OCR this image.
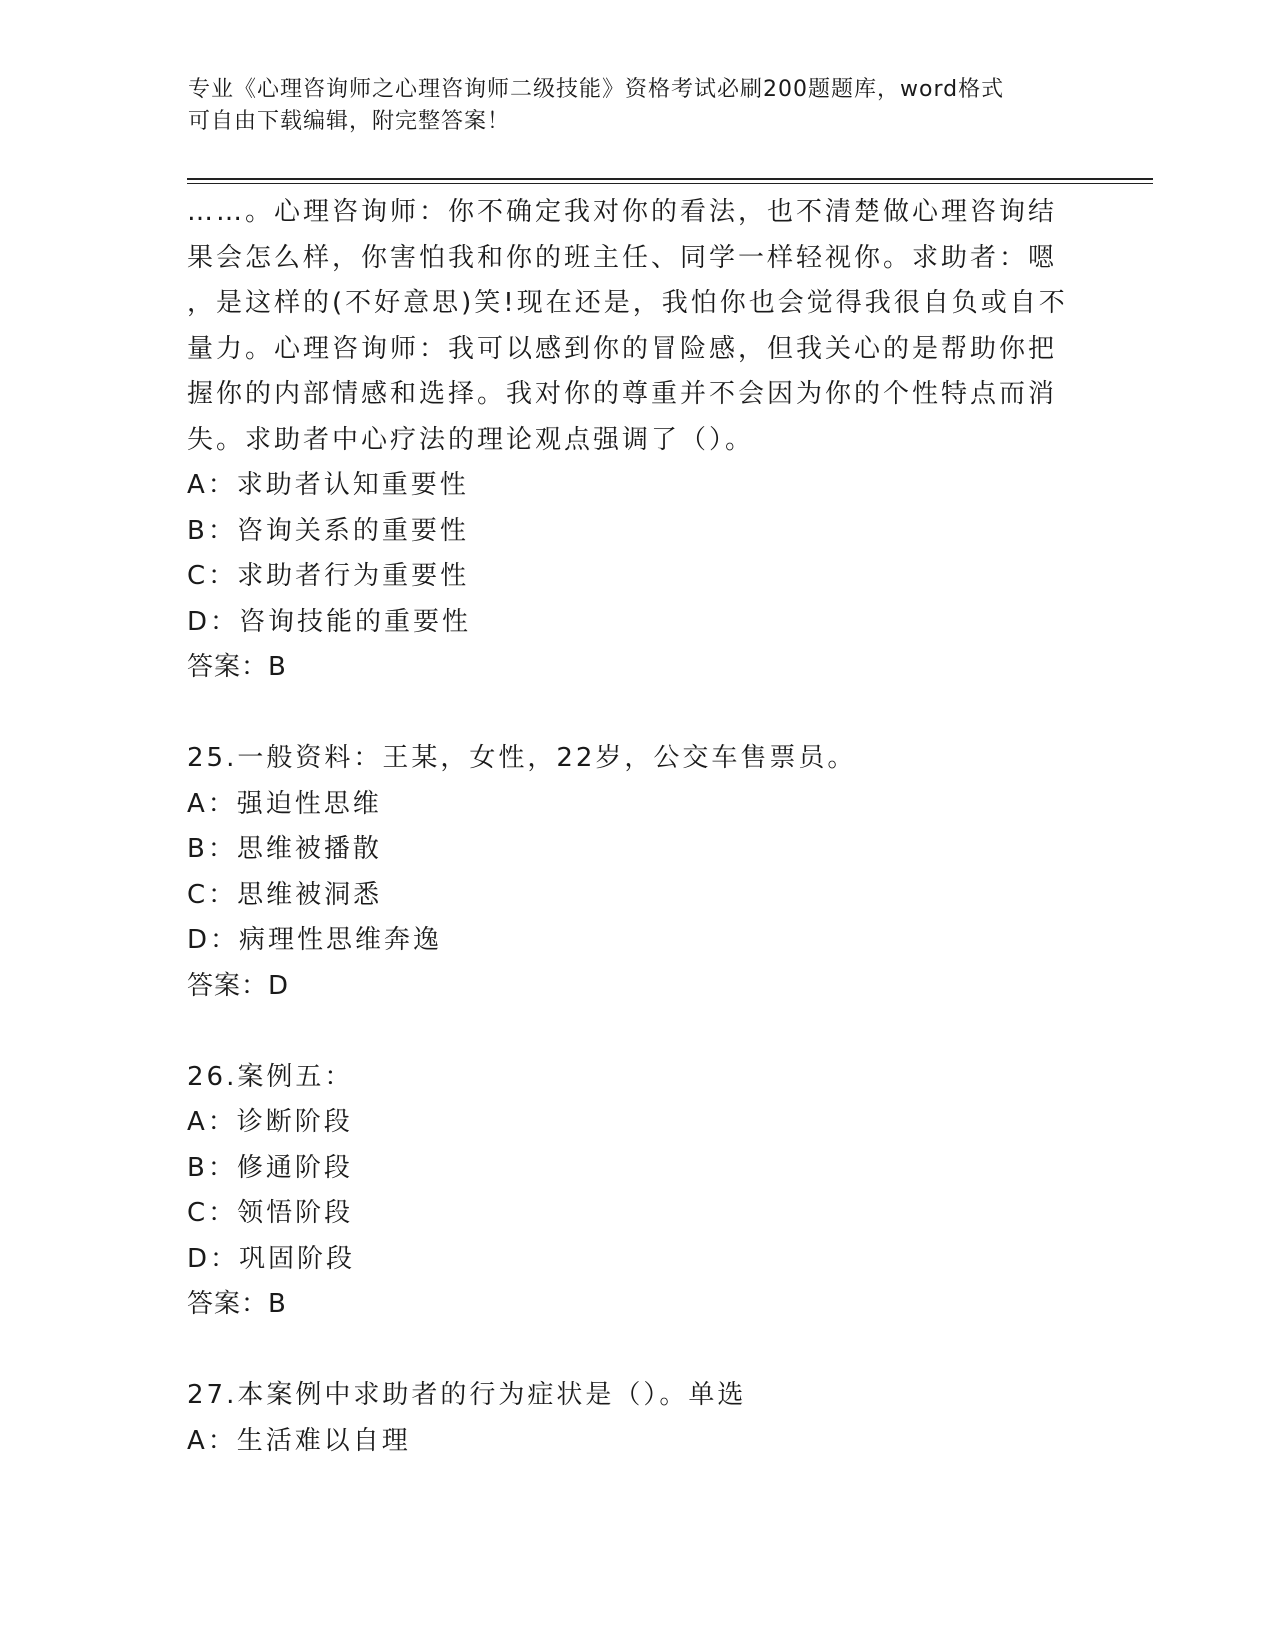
专业《心理咨询师之心理咨询师二级技能》资格考试必刷200题题库，word格式
可自由下载编辑，附完整答案！
……。心理咨询师：你不确定我对你的看法，也不清楚做心理咨询结
果会怎么样，你害怕我和你的班主任、同学一样轻视你。求助者：嗯
，是这样的(不好意思)笑!现在还是，我怕你也会觉得我很自负或自不
量力。心理咨询师：我可以感到你的冒险感，但我关心的是帮助你把
握你的内部情感和选择。我对你的尊重并不会因为你的个性特点而消
失。求助者中心疗法的理论观点强调了（）。
A：求助者认知重要性
B：咨询关系的重要性
C：求助者行为重要性
D：咨询技能的重要性
答案：B
25.一般资料：王某，女性，22岁，公交车售票员。
A：强迫性思维
B：思维被播散
C：思维被洞悉
D：病理性思维奔逸
答案：D
26.案例五：
A：诊断阶段
B：修通阶段
C：领悟阶段
D：巩固阶段
答案：B
27.本案例中求助者的行为症状是（）。单选
A：生活难以自理
